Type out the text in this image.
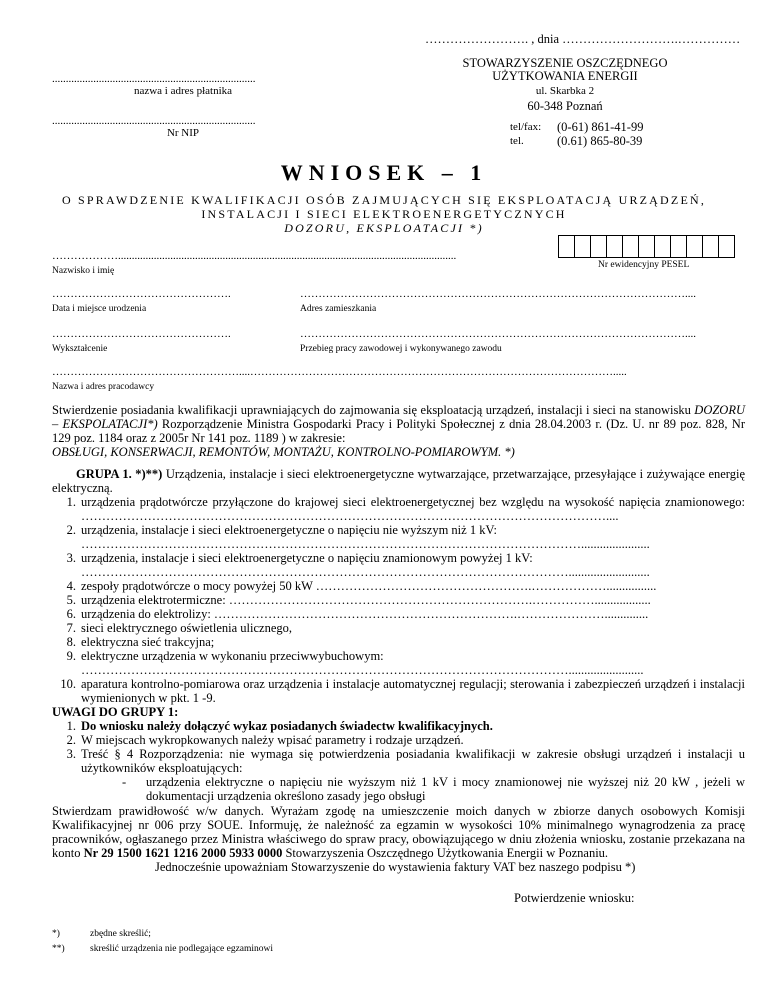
……………………. , dnia ……………………….……………
..........................................................................
nazwa i adres płatnika
..........................................................................
Nr NIP
STOWARZYSZENIE OSZCZĘDNEGO
UŻYTKOWANIA ENERGII
ul. Skarbka 2
60-348 Poznań
tel/fax: (0-61) 861-41-99
tel.	(0.61) 865-80-39
WNIOSEK – 1
O SPRAWDZENIE KWALIFIKACJI OSÓB ZAJMUJĄCYCH SIĘ EKSPLOATACJĄ URZĄDZEŃ,
INSTALACJI I SIECI ELEKTROENERGETYCZNYCH
DOZORU, EKSPLOATACJI *)
………………...........................................................................................................................
Nazwisko i imię
Nr ewidencyjny PESEL
………………………………………….
Data i miejsce urodzenia
……………………………………………………………………………………………....
Adres zamieszkania
………………………………………….
Wykształcenie
……………………………………………………………………………………………....
Przebieg pracy zawodowej i wykonywanego zawodu
……………………………………………....……………………………………………………………………………………….....
Nazwa i adres pracodawcy
Stwierdzenie posiadania kwalifikacji uprawniających do zajmowania się eksploatacją urządzeń, instalacji i sieci na stanowisku DOZORU – EKSPOLATACJI*) Rozporządzenie Ministra Gospodarki Pracy i Polityki Społecznej z dnia 28.04.2003 r. (Dz. U. nr 89 poz. 828, Nr 129 poz. 1184 oraz z 2005r Nr 141 poz. 1189 ) w zakresie:
OBSŁUGI, KONSERWACJI, REMONTÓW, MONTAŻU, KONTROLNO-POMIAROWYM. *)

GRUPA 1. *)**) Urządzenia, instalacje i sieci elektroenergetyczne wytwarzające, przetwarzające, przesyłające i zużywające energię elektryczną.

1. urządzenia prądotwórcze przyłączone do krajowej sieci elektroenergetycznej bez względu na wysokość napięcia znamionowego: ………………………………………………………………………………………………………………....
2. urządzenia, instalacje i sieci elektroenergetyczne o napięciu nie wyższym niż 1 kV:
…………………………………………………………………………………………………………......................
3. urządzenia, instalacje i sieci elektroenergetyczne o napięciu znamionowym powyżej 1 kV:
………………………………………………………………………………………………………..........................
4. zespoły prądotwórcze o mocy powyżej 50 kW …………………………………………….………………................
5. urządzenia elektrotermiczne: ……………………………………………………………….……………..................
6. urządzenia do elektrolizy: ……………………………………………………………….…………………..............
7. sieci elektrycznego oświetlenia ulicznego,
8. elektryczna sieć trakcyjna;
9. elektryczne urządzenia w wykonaniu przeciwwybuchowym:
………………………………………………………………………………………………………........................
10. aparatura kontrolno-pomiarowa oraz urządzenia i instalacje automatycznej regulacji; sterowania i zabezpieczeń urządzeń i instalacji wymienionych w pkt. 1 -9.
UWAGI DO GRUPY 1:
1. Do wniosku należy dołączyć wykaz posiadanych świadectw kwalifikacyjnych.
2. W miejscach wykropkowanych należy wpisać parametry i rodzaje urządzeń.
3. Treść § 4 Rozporządzenia: nie wymaga się potwierdzenia posiadania kwalifikacji w zakresie obsługi urządzeń i instalacji u użytkowników eksploatujących:
-	urządzenia elektryczne o napięciu nie wyższym niż 1 kV i mocy znamionowej nie wyższej niż 20 kW , jeżeli w dokumentacji urządzenia określono zasady jego obsługi

Stwierdzam prawidłowość w/w danych. Wyrażam zgodę na umieszczenie moich danych w zbiorze danych osobowych Komisji Kwalifikacyjnej nr 006 przy SOUE. Informuję, że należność za egzamin w wysokości 10% minimalnego wynagrodzenia za pracę pracowników, ogłaszanego przez Ministra właściwego do spraw pracy, obowiązującego w dniu złożenia wniosku, zostanie przekazana na konto Nr 29 1500 1621 1216 2000 5933 0000 Stowarzyszenia Oszczędnego Użytkowania Energii w Poznaniu.

Jednocześnie upoważniam Stowarzyszenie do wystawienia faktury VAT bez naszego podpisu *)
Potwierdzenie wniosku:
*)	zbędne skreślić;
**)	skreślić urządzenia nie podlegające egzaminowi
